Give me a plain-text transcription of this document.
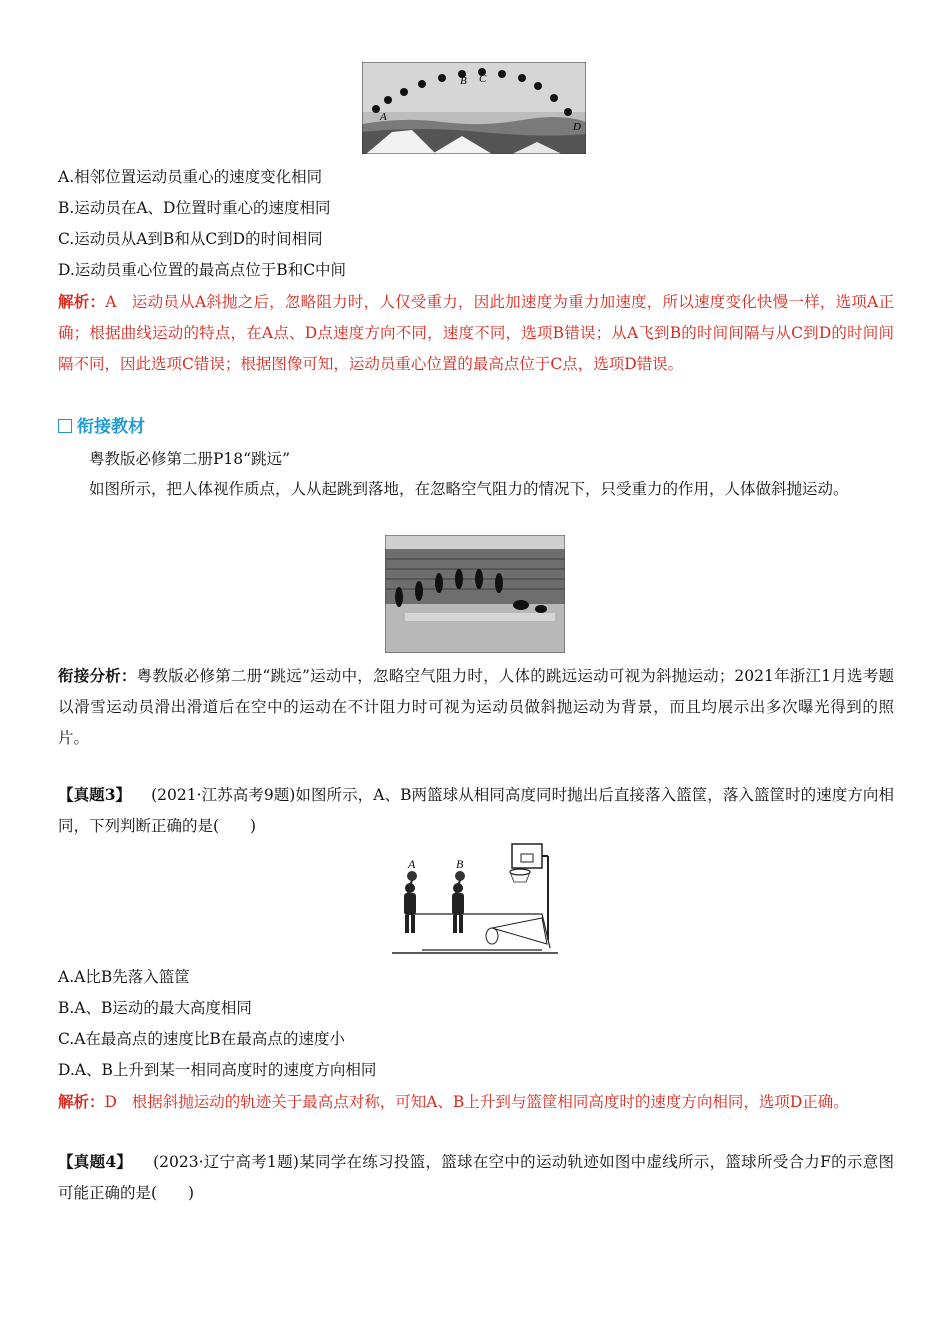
A
B C
D
A.相邻位置运动员重心的速度变化相同
B.运动员在A、D位置时重心的速度相同
C.运动员从A到B和从C到D的时间相同
D.运动员重心位置的最高点位于B和C中间
解析：A 运动员从A斜抛之后，忽略阻力时，人仅受重力，因此加速度为重力加速度，所以速度变化快慢一样，选项A正确；根据曲线运动的特点，在A点、D点速度方向不同，速度不同，选项B错误；从A飞到B的时间间隔与从C到D的时间间隔不同，因此选项C错误；根据图像可知，运动员重心位置的最高点位于C点，选项D错误。
衔接教材
粤教版必修第二册P18“跳远”
如图所示，把人体视作质点，人从起跳到落地，在忽略空气阻力的情况下，只受重力的作用，人体做斜抛运动。
衔接分析：粤教版必修第二册“跳远”运动中，忽略空气阻力时，人体的跳远运动可视为斜抛运动；2021年浙江1月选考题以滑雪运动员滑出滑道后在空中的运动在不计阻力时可视为运动员做斜抛运动为背景，而且均展示出多次曝光得到的照片。
【真题3】 (2021·江苏高考9题)如图所示，A、B两篮球从相同高度同时抛出后直接落入篮筐，落入篮筐时的速度方向相同，下列判断正确的是(　　)
A	B
A.A比B先落入篮筐
B.A、B运动的最大高度相同
C.A在最高点的速度比B在最高点的速度小
D.A、B上升到某一相同高度时的速度方向相同
解析：D 根据斜抛运动的轨迹关于最高点对称，可知A、B上升到与篮筐相同高度时的速度方向相同，选项D正确。
【真题4】 (2023·辽宁高考1题)某同学在练习投篮，篮球在空中的运动轨迹如图中虚线所示，篮球所受合力F的示意图可能正确的是(　　)
